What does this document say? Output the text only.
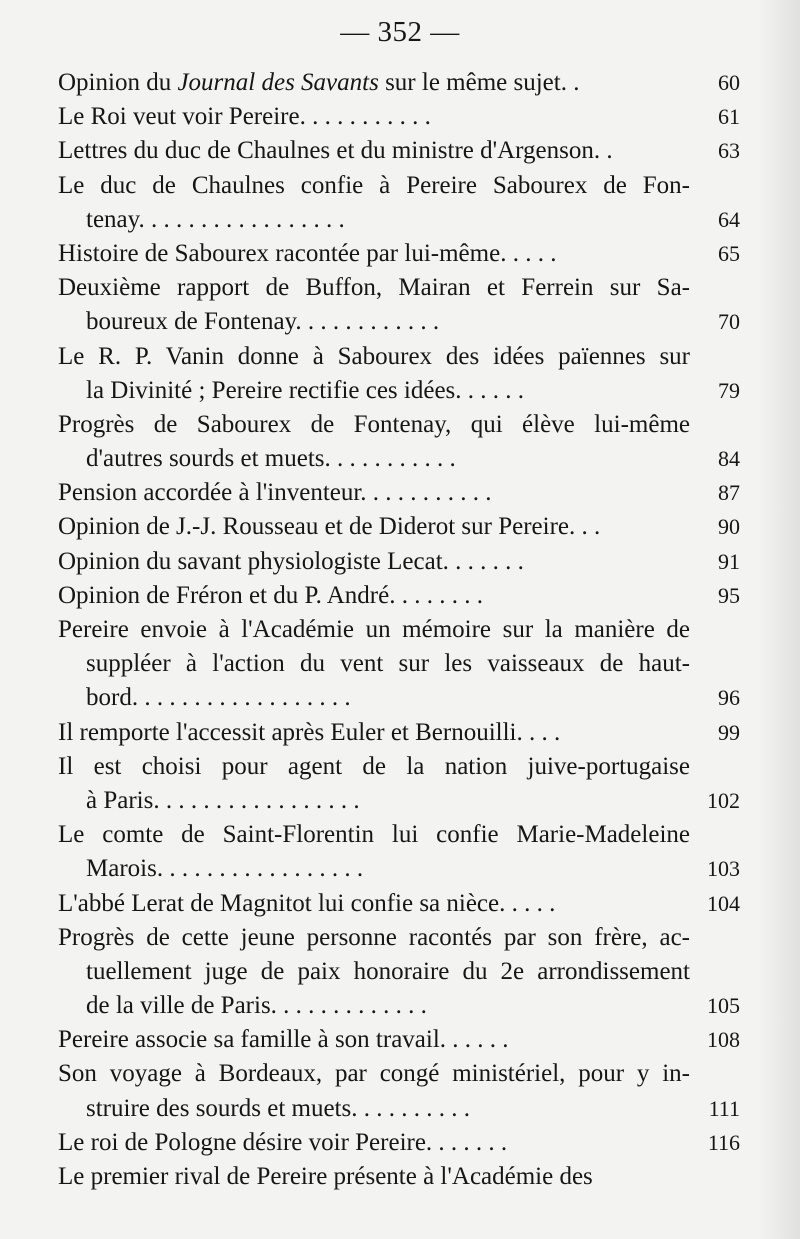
— 352 —
Opinion du Journal des Savants sur le même sujet. .	60
Le Roi veut voir Pereire. . . . . . . . . . .	61
Lettres du duc de Chaulnes et du ministre d'Argenson. .	63
Le duc de Chaulnes confie à Pereire Sabourex de Fon-
tenay. . . . . . . . . . . . . . . . .	64
Histoire de Sabourex racontée par lui-même. . . . .	65
Deuxième rapport de Buffon, Mairan et Ferrein sur Sa-
boureux de Fontenay. . . . . . . . . . . .	70
Le R. P. Vanin donne à Sabourex des idées païennes sur
la Divinité ; Pereire rectifie ces idées. . . . . .	79
Progrès de Sabourex de Fontenay, qui élève lui-même
d'autres sourds et muets. . . . . . . . . . .	84
Pension accordée à l'inventeur. . . . . . . . . . .	87
Opinion de J.-J. Rousseau et de Diderot sur Pereire. . .	90
Opinion du savant physiologiste Lecat. . . . . . .	91
Opinion de Fréron et du P. André. . . . . . . .	95
Pereire envoie à l'Académie un mémoire sur la manière de
suppléer à l'action du vent sur les vaisseaux de haut-
bord. . . . . . . . . . . . . . . . . .	96
Il remporte l'accessit après Euler et Bernouilli. . . .	99
Il est choisi pour agent de la nation juive-portugaise
à Paris. . . . . . . . . . . . . . . . .	102
Le comte de Saint-Florentin lui confie Marie-Madeleine
Marois. . . . . . . . . . . . . . . . .	103
L'abbé Lerat de Magnitot lui confie sa nièce. . . . .	104
Progrès de cette jeune personne racontés par son frère, ac-
tuellement juge de paix honoraire du 2e arrondissement
de la ville de Paris. . . . . . . . . . . . .	105
Pereire associe sa famille à son travail. . . . . .	108
Son voyage à Bordeaux, par congé ministériel, pour y in-
struire des sourds et muets. . . . . . . . . .	111
Le roi de Pologne désire voir Pereire. . . . . . .	116
Le premier rival de Pereire présente à l'Académie des
